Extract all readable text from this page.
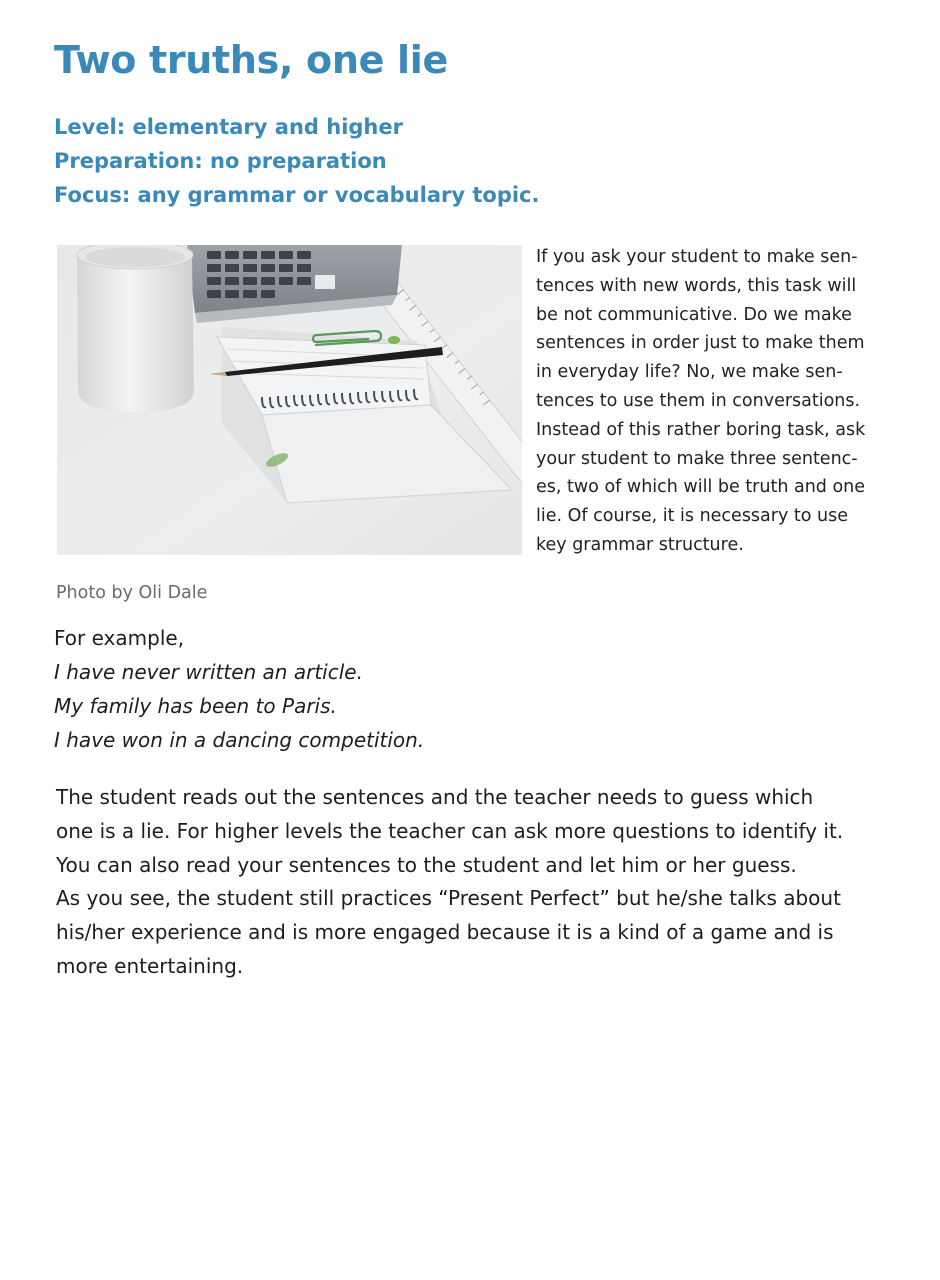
Two truths, one lie
Level: elementary and higher
Preparation: no preparation
Focus: any grammar or vocabulary topic.

If you ask your student to make sen-
tences with new words, this task will
be not communicative. Do we make
sentences in order just to make them
in everyday life? No, we make sen-
tences to use them in conversations.
Instead of this rather boring task, ask
your student to make three sentenc-
es, two of which will be truth and one
lie. Of course, it is necessary to use
key grammar structure.

Photo by Oli Dale

For example,
I have never written an article.
My family has been to Paris.
I have won in a dancing competition.

The student reads out the sentences and the teacher needs to guess which
one is a lie. For higher levels the teacher can ask more questions to identify it.
You can also read your sentences to the student and let him or her guess.
As you see, the student still practices “Present Perfect” but he/she talks about
his/her experience and is more engaged because it is a kind of a game and is
more entertaining.
